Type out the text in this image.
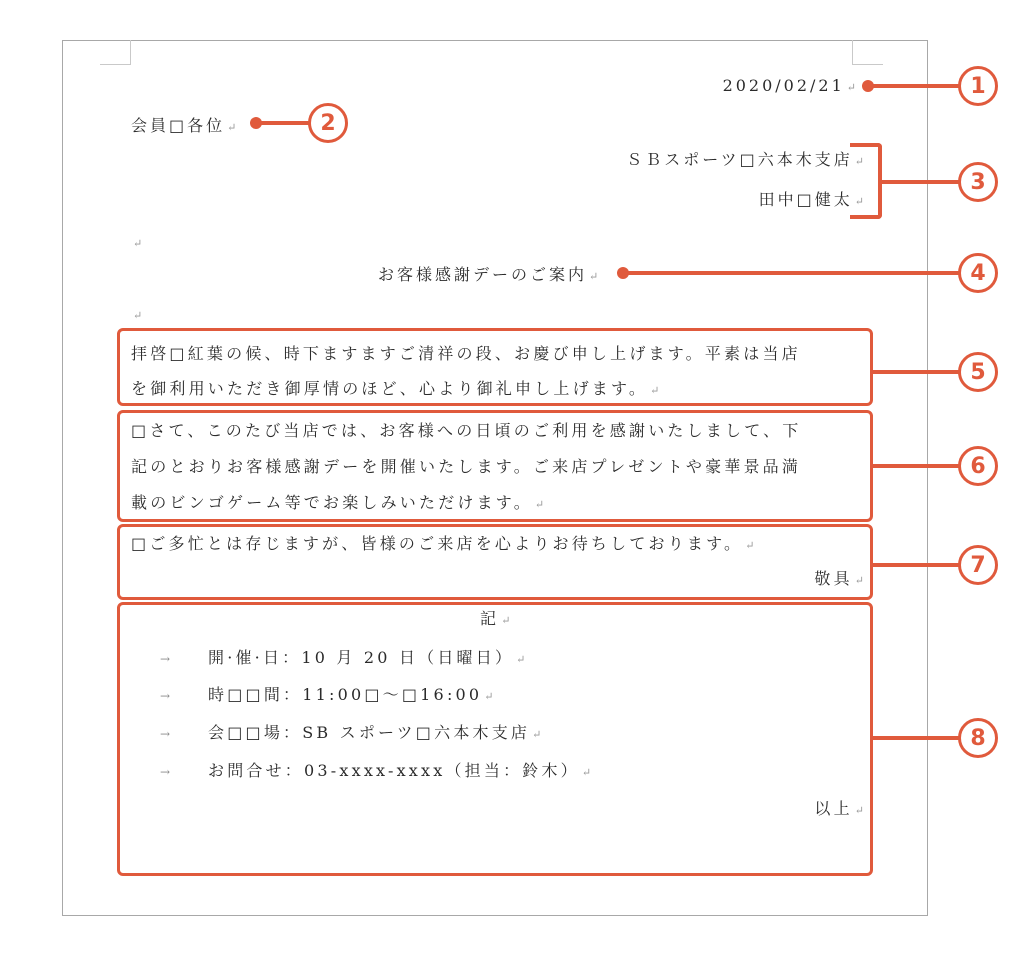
2020/02/21 ↵
会員□各位 ↵
ＳＢスポーツ□六本木支店 ↵
田中□健太 ↵
↵
お客様感謝デーのご案内 ↵
↵
拝啓□紅葉の候、時下ますますご清祥の段、お慶び申し上げます。平素は当店
を御利用いただき御厚情のほど、心より御礼申し上げます。 ↵
□さて、このたび当店では、お客様への日頃のご利用を感謝いたしまして、下
記のとおりお客様感謝デーを開催いたします。ご来店プレゼントや豪華景品満
載のビンゴゲーム等でお楽しみいただけます。 ↵
□ご多忙とは存じますが、皆様のご来店を心よりお待ちしております。 ↵
敬具 ↵
記 ↵
→ 開·催·日：10 月 20 日（日曜日） ↵
→ 時□□間：11:00□～□16:00 ↵
→ 会□□場：SB スポーツ□六本木支店 ↵
→ お問合せ：03-xxxx-xxxx（担当：鈴木） ↵
以上 ↵
1
2
3
4
5
6
7
8
